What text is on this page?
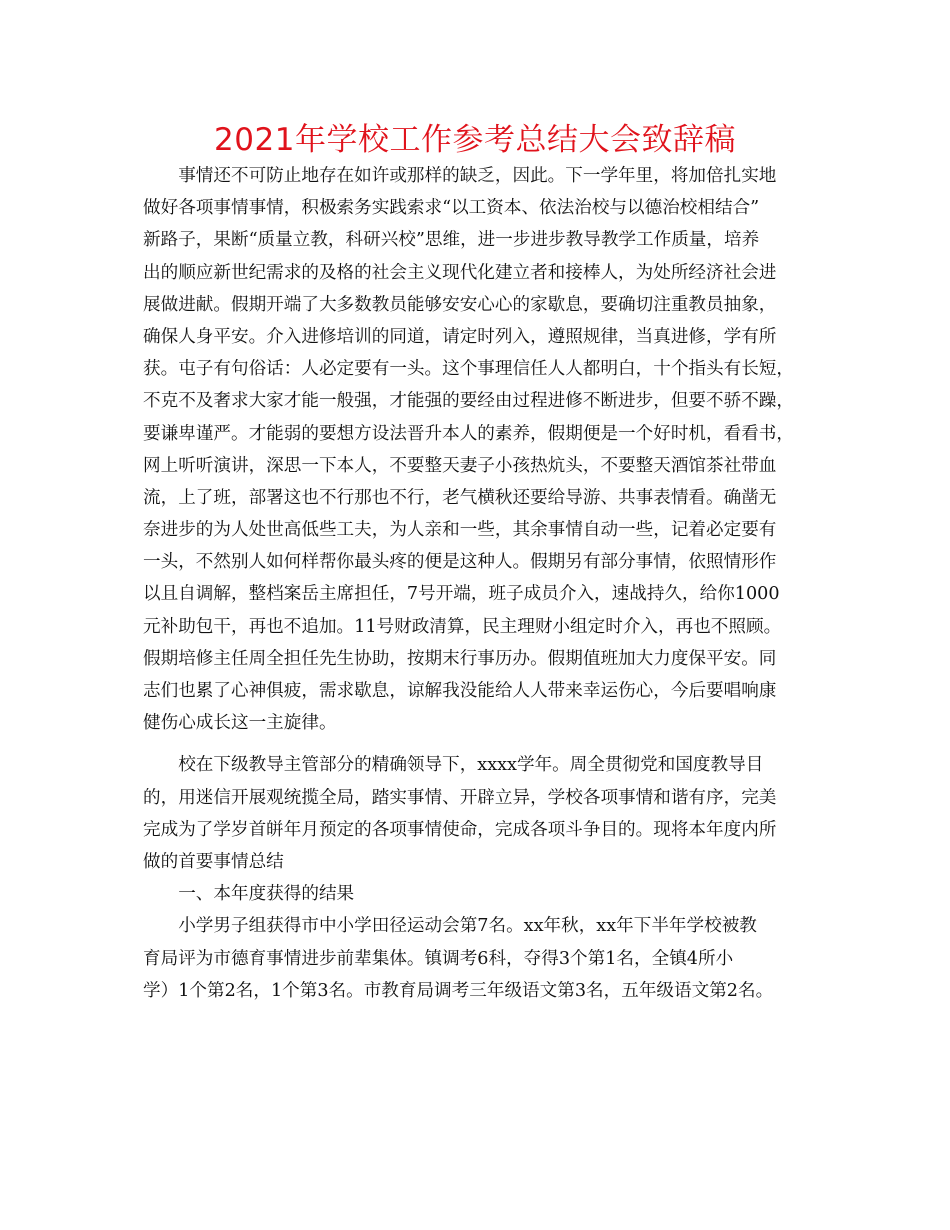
2021年学校工作参考总结大会致辞稿
　　事情还不可防止地存在如许或那样的缺乏，因此。下一学年里，将加倍扎实地
做好各项事情事情，积极索务实践索求“以工资本、依法治校与以德治校相结合”
新路子，果断“质量立教，科研兴校”思维，进一步进步教导教学工作质量，培养
出的顺应新世纪需求的及格的社会主义现代化建立者和接棒人，为处所经济社会进
展做进献。假期开端了大多数教员能够安安心心的家歇息，要确切注重教员抽象，
确保人身平安。介入进修培训的同道，请定时列入，遵照规律，当真进修，学有所
获。屯子有句俗话：人必定要有一头。这个事理信任人人都明白，十个指头有长短，
不克不及奢求大家才能一般强，才能强的要经由过程进修不断进步，但要不骄不躁，
要谦卑谨严。才能弱的要想方设法晋升本人的素养，假期便是一个好时机，看看书，
网上听听演讲，深思一下本人，不要整天妻子小孩热炕头，不要整天酒馆茶社带血
流，上了班，部署这也不行那也不行，老气横秋还要给导游、共事表情看。确凿无
奈进步的为人处世高低些工夫，为人亲和一些，其余事情自动一些，记着必定要有
一头，不然别人如何样帮你最头疼的便是这种人。假期另有部分事情，依照情形作
以且自调解，整档案岳主席担任，7号开端，班子成员介入，速战持久，给你1000
元补助包干，再也不追加。11号财政清算，民主理财小组定时介入，再也不照顾。
假期培修主任周全担任先生协助，按期末行事历办。假期值班加大力度保平安。同
志们也累了心神俱疲，需求歇息，谅解我没能给人人带来幸运伤心，今后要唱响康
健伤心成长这一主旋律。
　　校在下级教导主管部分的精确领导下，xxxx学年。周全贯彻党和国度教导目
的，用迷信开展观统揽全局，踏实事情、开辟立异，学校各项事情和谐有序，完美
完成为了学岁首皏年月预定的各项事情使命，完成各项斗争目的。现将本年度内所
做的首要事情总结
　　一、本年度获得的结果
　　小学男子组获得市中小学田径运动会第7名。xx年秋，xx年下半年学校被教
育局评为市德育事情进步前辈集体。镇调考6科，夺得3个第1名，全镇4所小
学）1个第2名，1个第3名。市教育局调考三年级语文第3名，五年级语文第2名。
